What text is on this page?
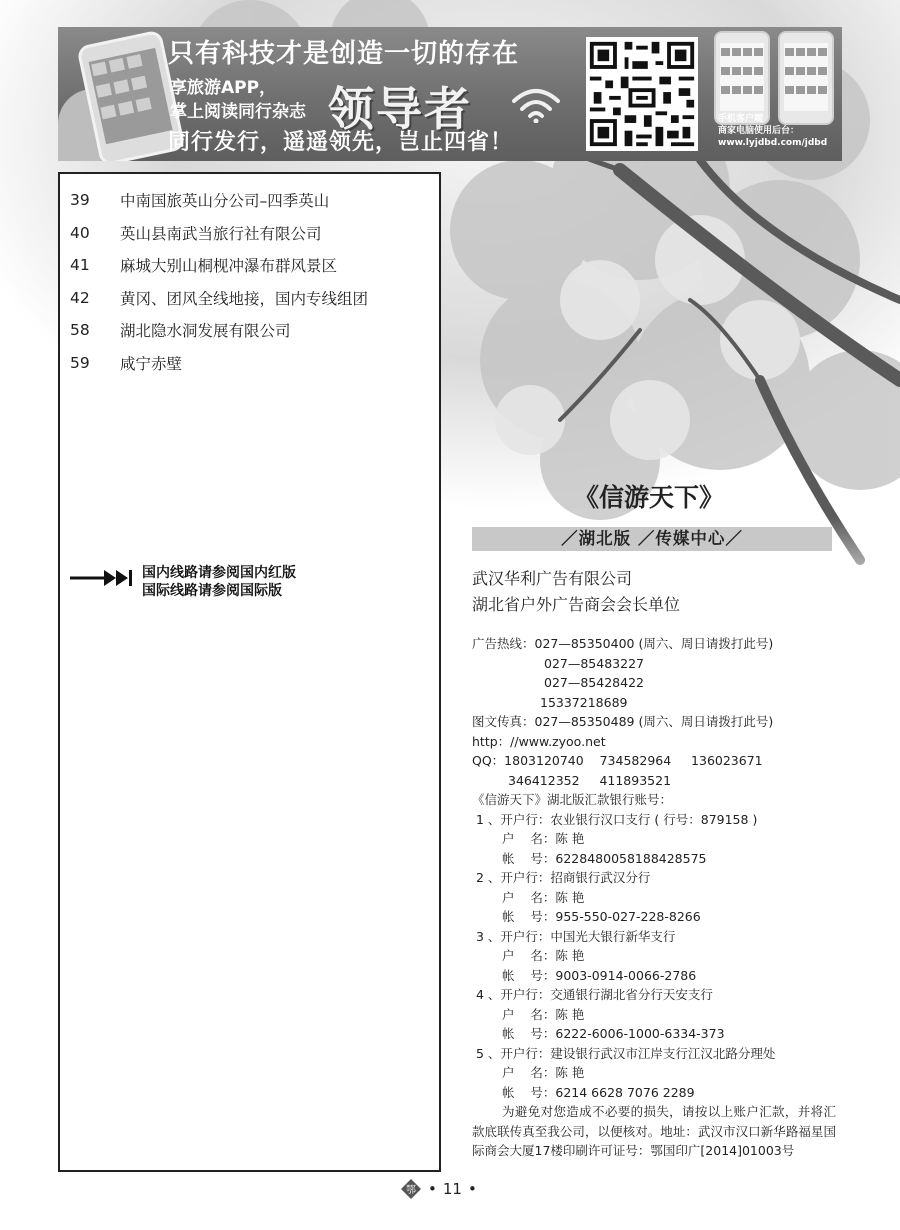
只有科技才是创造一切的存在
享旅游APP，
掌上阅读同行杂志 领导者
同行发行，遥遥领先，岂止四省！
手机客户端
商家电脑使用后台：
www.lyjdbd.com/jdbd
39	中南国旅英山分公司–四季英山
40	英山县南武当旅行社有限公司
41	麻城大别山桐枧冲瀑布群风景区
42	黄冈、团风全线地接，国内专线组团
58	湖北隐水洞发展有限公司
59	咸宁赤壁
国内线路请参阅国内红版
国际线路请参阅国际版
《信游天下》
／湖北版 ／传媒中心／
武汉华利广告有限公司
湖北省户外广告商会会长单位
广告热线：027—85350400 (周六、周日请拨打此号)
027—85483227
027—85428422
15337218689
图文传真：027—85350489 (周六、周日请拨打此号)
http：//www.zyoo.net
QQ：1803120740    734582964     136023671
346412352     411893521
《信游天下》湖北版汇款银行账号：
1 、开户行：农业银行汉口支行 ( 行号：879158 )
户    名：陈 艳
帐    号：6228480058188428575
2 、开户行：招商银行武汉分行
户    名：陈 艳
帐    号：955-550-027-228-8266
3 、开户行：中国光大银行新华支行
户    名：陈 艳
帐    号：9003-0914-0066-2786
4 、开户行：交通银行湖北省分行天安支行
户    名：陈 艳
帐    号：6222-6006-1000-6334-373
5 、开户行：建设银行武汉市江岸支行江汉北路分理处
户    名：陈 艳
帐    号：6214 6628 7076 2289
为避免对您造成不必要的损失，请按以上账户汇款，并将汇款底联传真至我公司，以便核对。地址：武汉市汉口新华路福星国际商会大厦17楼印刷许可证号：鄂国印广[2014]01003号
鄂 • 11 •
